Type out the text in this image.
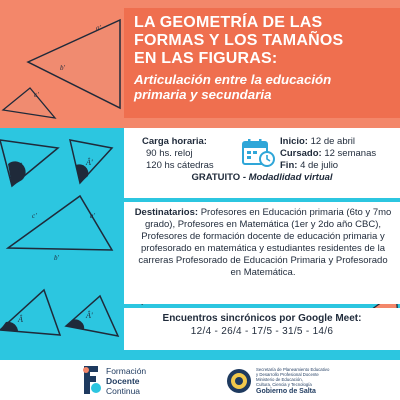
a'
b'
c'
Â
Â'
a'
c'
b'
Â	Â'
LA GEOMETRÍA DE LAS
FORMAS Y LOS TAMAÑOS
EN LAS FIGURAS:
Articulación entre la educación
primaria y secundaria
Carga horaria:
90 hs. reloj
120 hs cátedras
Inicio: 12 de abril
Cursado: 12 semanas
Fin: 4 de julio
GRATUITO - Modadlidad virtual
Destinatarios: Profesores en Educación primaria (6to y 7mo grado), Profesores en Matemática (1er y 2do año CBC), Profesores de formación docente de educación primaria y profesorado en matemática y estudiantes residentes de la carreras Profesorado de Educación Primaria y Profesorado en Matemática.
Encuentros sincrónicos por Google Meet:
12/4 - 26/4 - 17/5 - 31/5 - 14/6
Formación
Docente
Continua
Secretaría de Planeamiento Educativo
y Desarrollo Profesional Docente
Ministerio de Educación,
Cultura, Ciencia y Tecnología
Gobierno de Salta
